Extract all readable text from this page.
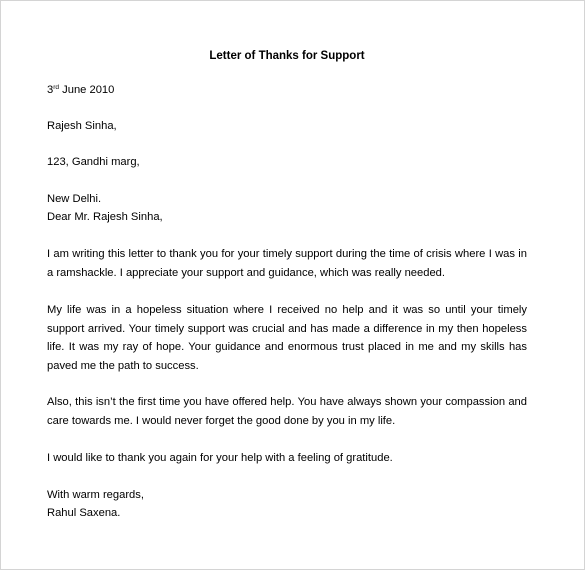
Letter of Thanks for Support
3rd June 2010
Rajesh Sinha,
123, Gandhi marg,
New Delhi.
Dear Mr. Rajesh Sinha,
I am writing this letter to thank you for your timely support during the time of crisis where I was in a ramshackle. I appreciate your support and guidance, which was really needed.
My life was in a hopeless situation where I received no help and it was so until your timely support arrived. Your timely support was crucial and has made a difference in my then hopeless life. It was my ray of hope. Your guidance and enormous trust placed in me and my skills has paved me the path to success.
Also, this isn’t the first time you have offered help. You have always shown your compassion and care towards me. I would never forget the good done by you in my life.
I would like to thank you again for your help with a feeling of gratitude.
With warm regards,
Rahul Saxena.
